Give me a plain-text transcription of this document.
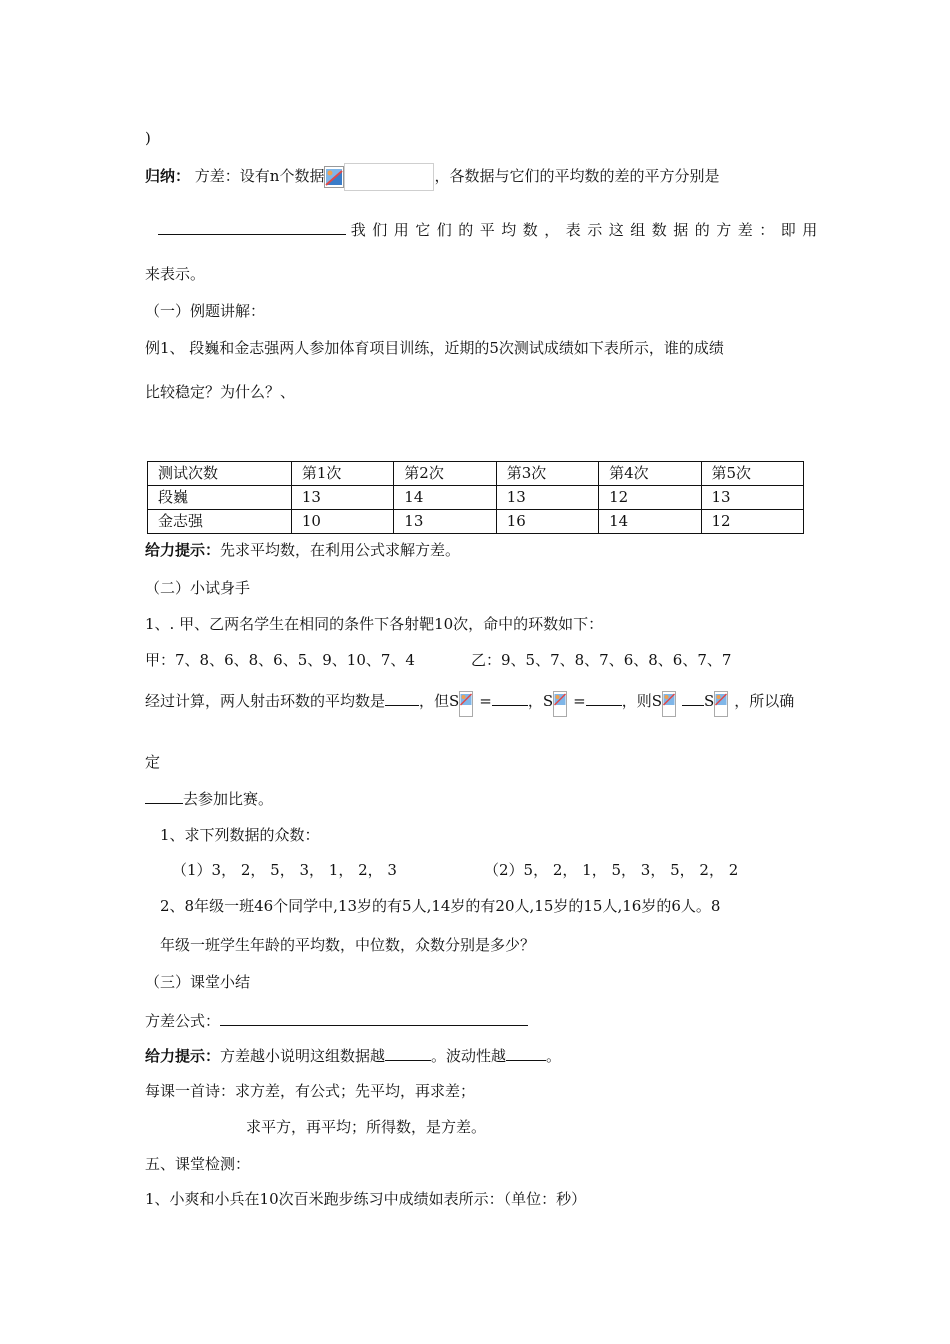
)
归纳： 方差：设有n个数据	，各数据与它们的平均数的差的平方分别是
我们用它们的平均数，表示这组数据的方差：即用
来表示。
（一）例题讲解：
例1、 段巍和金志强两人参加体育项目训练，近期的5次测试成绩如下表所示，谁的成绩
比较稳定？为什么？、
测试次数	第1次	第2次	第3次	第4次	第5次
段巍	13	14	13	12	13
金志强	10	13	16	14	12
给力提示：先求平均数，在利用公式求解方差。
（二）小试身手
1、. 甲、乙两名学生在相同的条件下各射靶10次，命中的环数如下：
甲：7、8、6、8、6、5、9、10、7、4	乙：9、5、7、8、7、6、8、6、7、7
经过计算，两人射击环数的平均数是 ，但S = ，S = ，则S	S ，所以确
定
去参加比赛。
1、求下列数据的众数：
（1）3， 2， 5， 3， 1， 2， 3	（2）5， 2， 1， 5， 3， 5， 2， 2
2、8年级一班46个同学中,13岁的有5人,14岁的有20人,15岁的15人,16岁的6人。8
年级一班学生年龄的平均数，中位数，众数分别是多少？
（三）课堂小结
方差公式：
给力提示：方差越小说明这组数据越	。波动性越	。
每课一首诗：求方差，有公式；先平均，再求差；
求平方，再平均；所得数，是方差。
五、课堂检测：
1、小爽和小兵在10次百米跑步练习中成绩如表所示：（单位：秒）
